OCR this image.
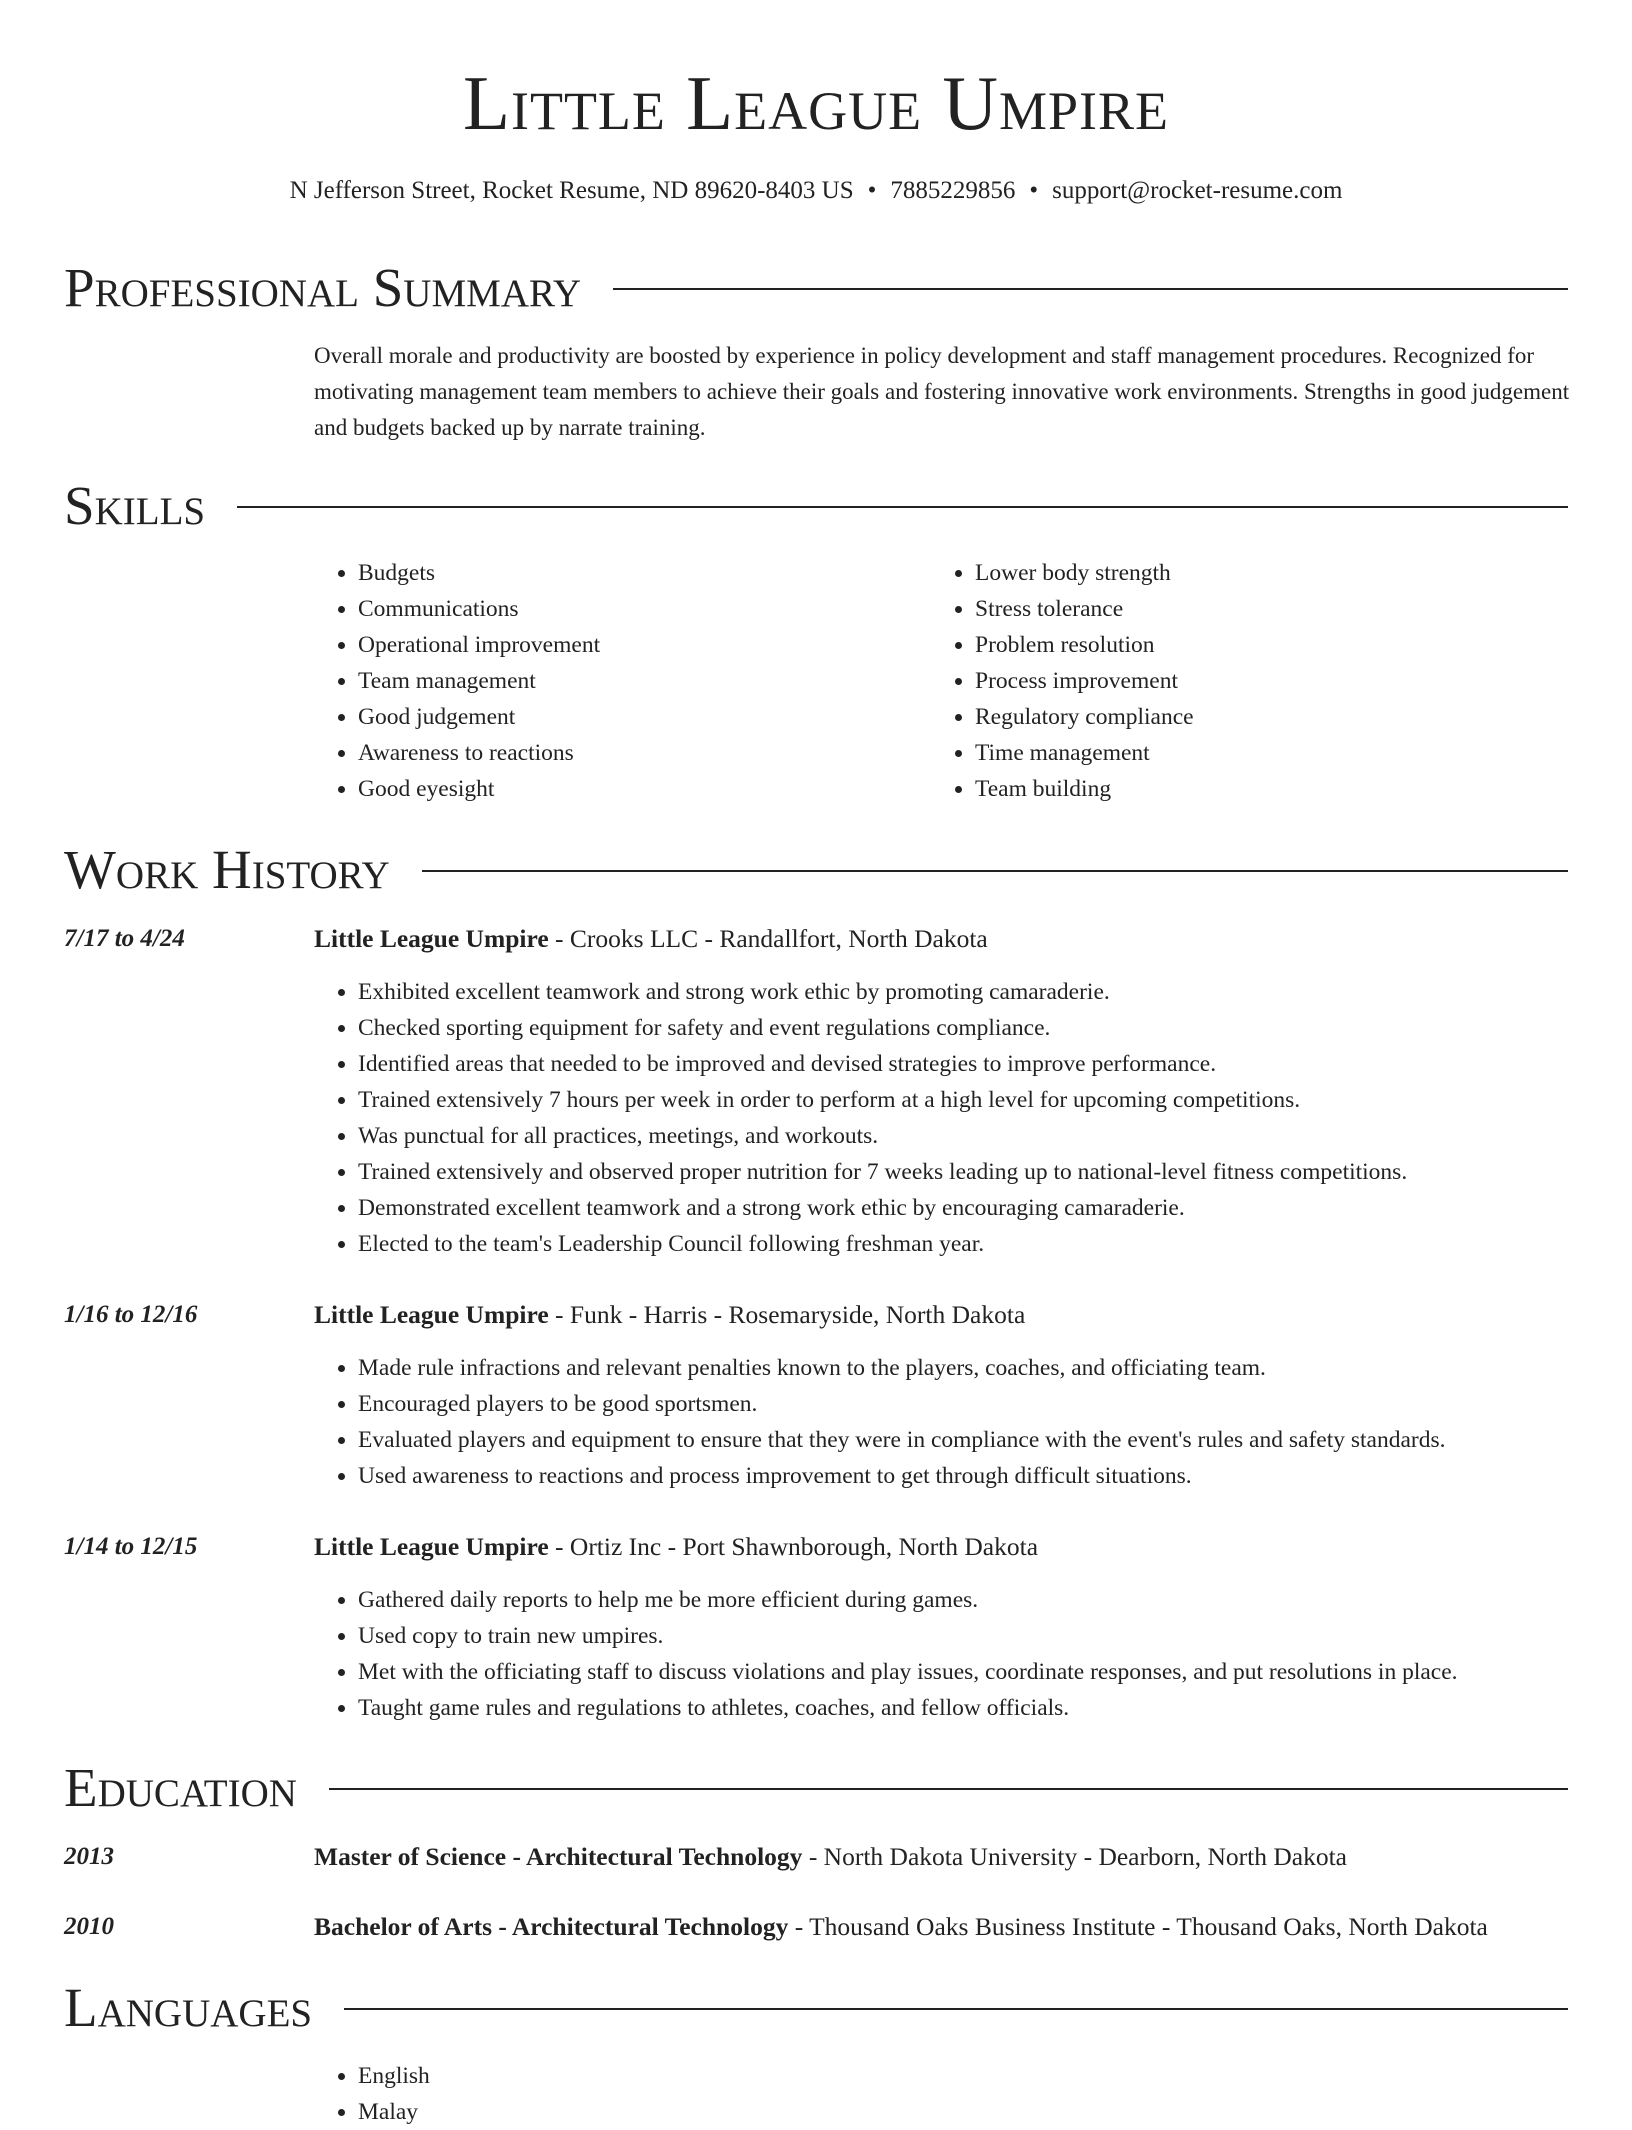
Little League Umpire
N Jefferson Street, Rocket Resume, ND 89620-8403 US • 7885229856 • support@rocket-resume.com
Professional Summary
Overall morale and productivity are boosted by experience in policy development and staff management procedures. Recognized for motivating management team members to achieve their goals and fostering innovative work environments. Strengths in good judgement and budgets backed up by narrate training.
Skills
• Budgets
• Communications
• Operational improvement
• Team management
• Good judgement
• Awareness to reactions
• Good eyesight
• Lower body strength
• Stress tolerance
• Problem resolution
• Process improvement
• Regulatory compliance
• Time management
• Team building
Work History
7/17 to 4/24	Little League Umpire - Crooks LLC - Randallfort, North Dakota
• Exhibited excellent teamwork and strong work ethic by promoting camaraderie.
• Checked sporting equipment for safety and event regulations compliance.
• Identified areas that needed to be improved and devised strategies to improve performance.
• Trained extensively 7 hours per week in order to perform at a high level for upcoming competitions.
• Was punctual for all practices, meetings, and workouts.
• Trained extensively and observed proper nutrition for 7 weeks leading up to national-level fitness competitions.
• Demonstrated excellent teamwork and a strong work ethic by encouraging camaraderie.
• Elected to the team's Leadership Council following freshman year.
1/16 to 12/16	Little League Umpire - Funk - Harris - Rosemaryside, North Dakota
• Made rule infractions and relevant penalties known to the players, coaches, and officiating team.
• Encouraged players to be good sportsmen.
• Evaluated players and equipment to ensure that they were in compliance with the event's rules and safety standards.
• Used awareness to reactions and process improvement to get through difficult situations.
1/14 to 12/15	Little League Umpire - Ortiz Inc - Port Shawnborough, North Dakota
• Gathered daily reports to help me be more efficient during games.
• Used copy to train new umpires.
• Met with the officiating staff to discuss violations and play issues, coordinate responses, and put resolutions in place.
• Taught game rules and regulations to athletes, coaches, and fellow officials.
Education
2013	Master of Science - Architectural Technology - North Dakota University - Dearborn, North Dakota
2010	Bachelor of Arts - Architectural Technology - Thousand Oaks Business Institute - Thousand Oaks, North Dakota
Languages
• English
• Malay
